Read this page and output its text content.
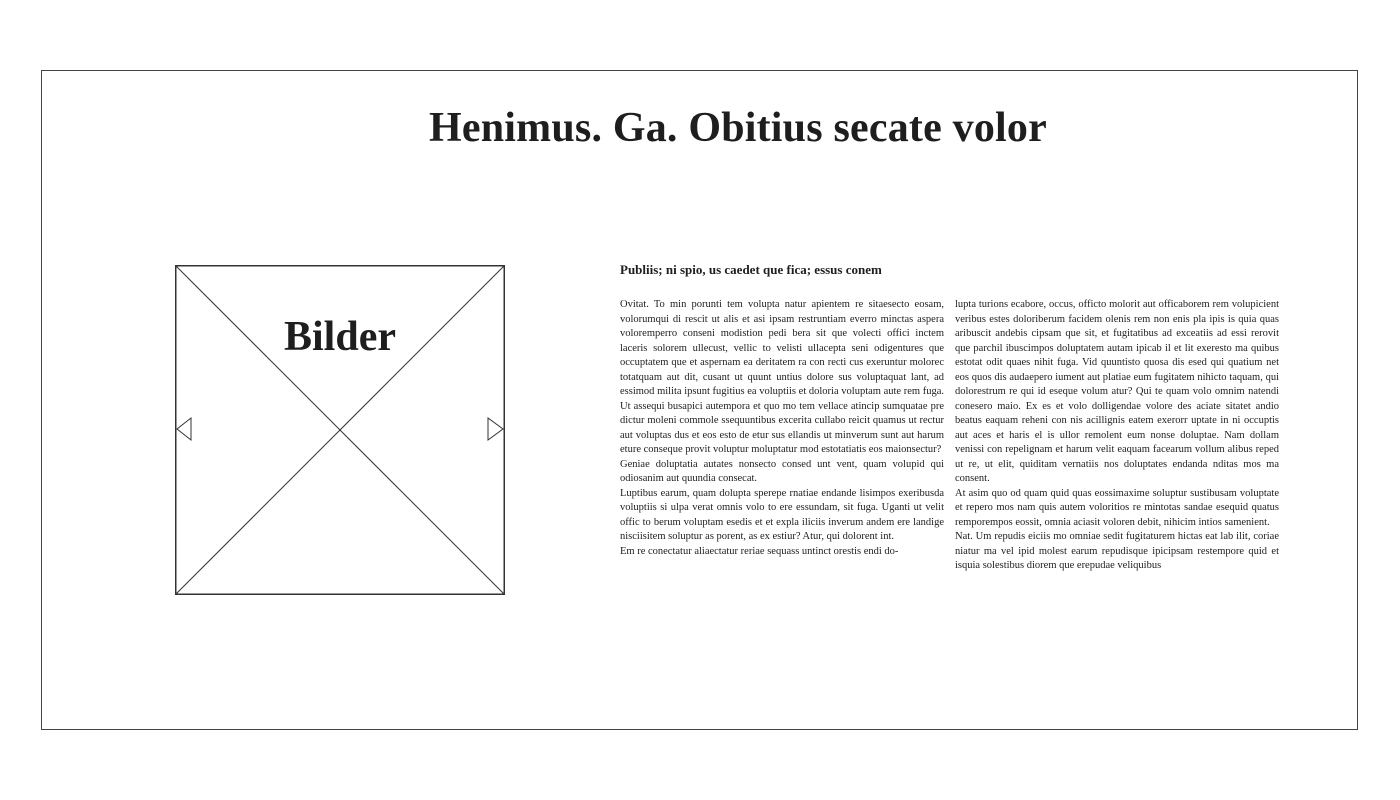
Henimus. Ga. Obitius secate volor
Bilder
Publiis; ni spio, us caedet que fica; essus conem

Ovitat. To min porunti tem volupta natur apientem re sitaesecto eosam, volorumqui di rescit ut alis et asi ipsam restruntiam everro minctas aspera voloremperro conseni modistion pedi bera sit que volecti offici inctem laceris solorem ullecust, vellic to velisti ullacepta seni odigentures que occuptatem que et aspernam ea deritatem ra con recti cus exeruntur molorec totatquam aut dit, cusant ut quunt untius dolore sus voluptaquat lant, ad essimod milita ipsunt fugitius ea voluptiis et doloria voluptam aute rem fuga. Ut assequi busapici autempora et quo mo tem vellace atincip sumquatae pre dictur moleni commole ssequuntibus excerita cullabo reicit quamus ut rectur aut voluptas dus et eos esto de etur sus ellandis ut minverum sunt aut harum eture conseque provit voluptur moluptatur mod estotatiatis eos maionsectur?

Geniae doluptatia autates nonsecto consed unt vent, quam volupid qui odiosanim aut quundia consecat.

Luptibus earum, quam dolupta sperepe rnatiae endande lisimpos exeribusda voluptiis si ulpa verat omnis volo to ere essundam, sit fuga. Uganti ut velit offic to berum voluptam esedis et et expla iliciis inverum andem ere landige nisciisitem soluptur as porent, as ex estiur? Atur, qui dolorent int.

Em re conectatur aliaectatur reriae sequass untinct orestis endi do-

lupta turions ecabore, occus, officto molorit aut officaborem rem volupicient veribus estes doloriberum facidem olenis rem non enis pla ipis is quia quas aribuscit andebis cipsam que sit, et fugitatibus ad exceatiis ad essi rerovit que parchil ibuscimpos doluptatem autam ipicab il et lit exeresto ma quibus estotat odit quaes nihit fuga. Vid quuntisto quosa dis esed qui quatium net eos quos dis audaepero iument aut platiae eum fugitatem nihicto taquam, qui dolorestrum re qui id eseque volum atur? Qui te quam volo omnim natendi conesero maio. Ex es et volo dolligendae volore des aciate sitatet andio beatus eaquam reheni con nis acillignis eatem exerorr uptate in ni occuptis aut aces et haris el is ullor remolent eum nonse doluptae. Nam dollam venissi con repelignam et harum velit eaquam facearum vollum alibus reped ut re, ut elit, quiditam vernatiis nos doluptates endanda nditas mos ma consent.

At asim quo od quam quid quas eossimaxime soluptur sustibusam voluptate et repero mos nam quis autem voloritios re mintotas sandae esequid quatus remporempos eossit, omnia aciasit voloren debit, nihicim intios samenient.

Nat. Um repudis eiciis mo omniae sedit fugitaturem hictas eat lab ilit, coriae niatur ma vel ipid molest earum repudisque ipicipsam restempore quid et isquia solestibus diorem que erepudae veliquibus
